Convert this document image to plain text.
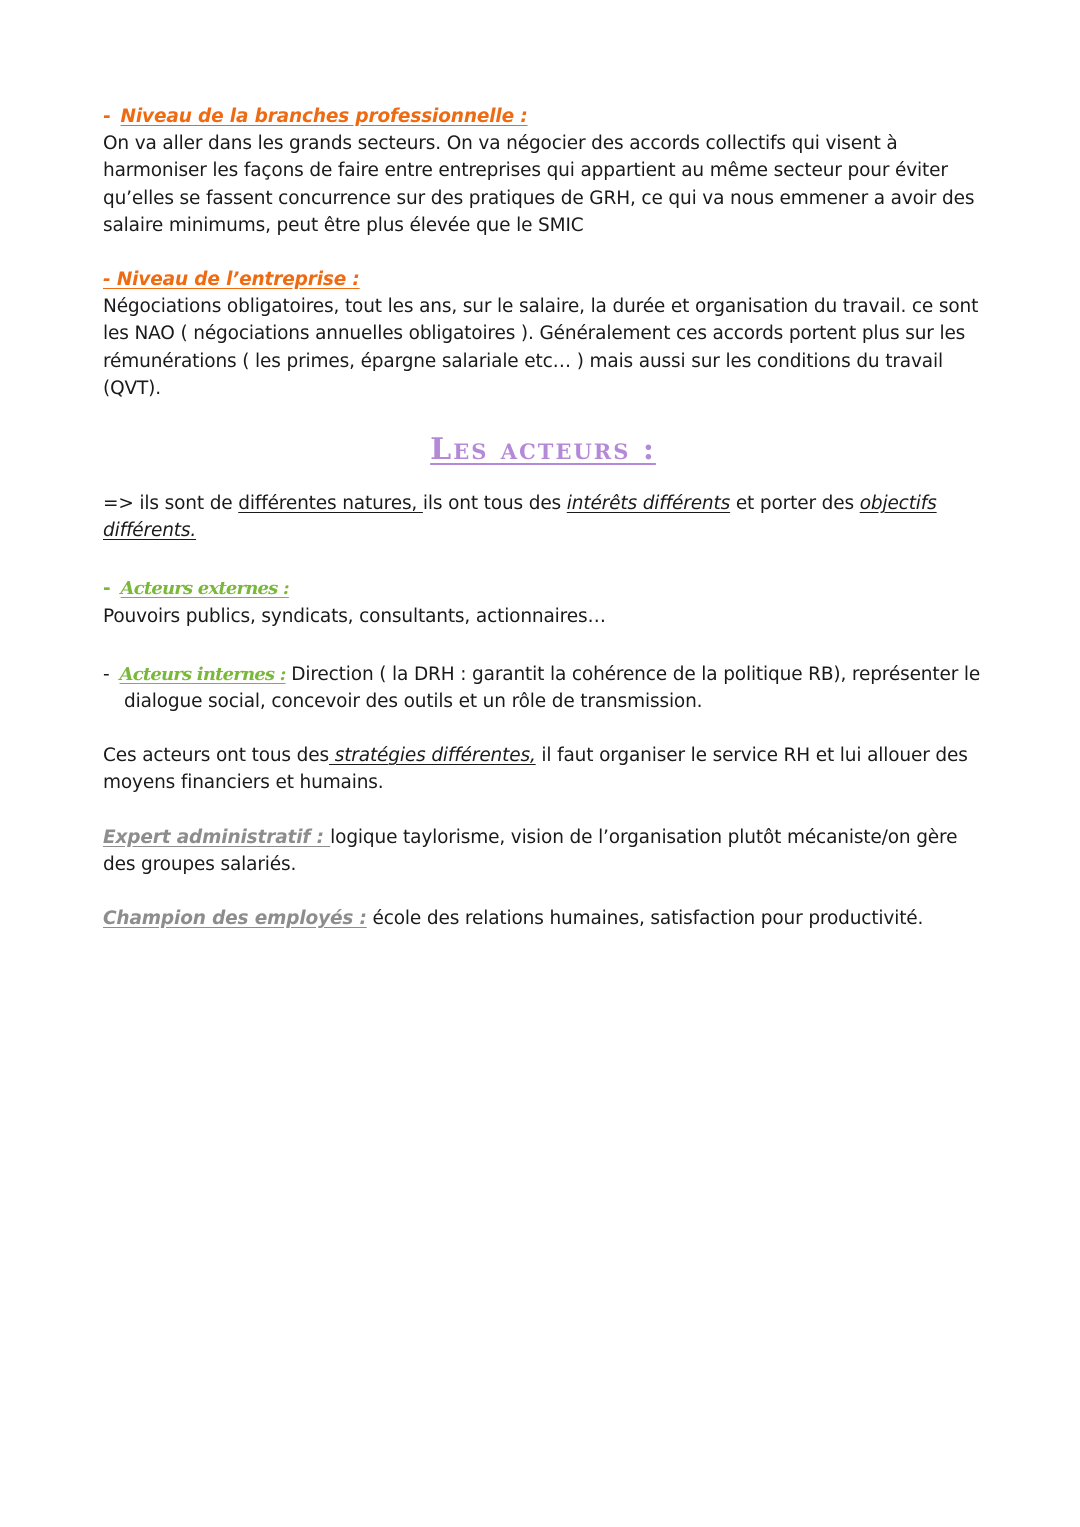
- Niveau de la branches professionnelle :

On va aller dans les grands secteurs. On va négocier des accords collectifs qui visent à harmoniser les façons de faire entre entreprises qui appartient au même secteur pour éviter qu’elles se fassent concurrence sur des pratiques de GRH, ce qui va nous emmener a avoir des salaire minimums, peut être plus élevée que le SMIC

- Niveau de l’entreprise :

Négociations obligatoires, tout les ans, sur le salaire, la durée et organisation du travail. ce sont les NAO ( négociations annuelles obligatoires ). Généralement ces accords portent plus sur les rémunérations ( les primes, épargne salariale etc… ) mais aussi sur les conditions du travail (QVT).

Les acteurs :

=> ils sont de différentes natures, ils ont tous des intérêts différents et porter des objectifs différents.

- Acteurs externes :

Pouvoirs publics, syndicats, consultants, actionnaires…

- Acteurs internes : Direction ( la DRH : garantit la cohérence de la politique RB), représenter le dialogue social, concevoir des outils et un rôle de transmission.

Ces acteurs ont tous des stratégies différentes, il faut organiser le service RH et lui allouer des moyens financiers et humains.

Expert administratif : logique taylorisme, vision de l’organisation plutôt mécaniste/on gère des groupes salariés.

Champion des employés : école des relations humaines, satisfaction pour productivité.
